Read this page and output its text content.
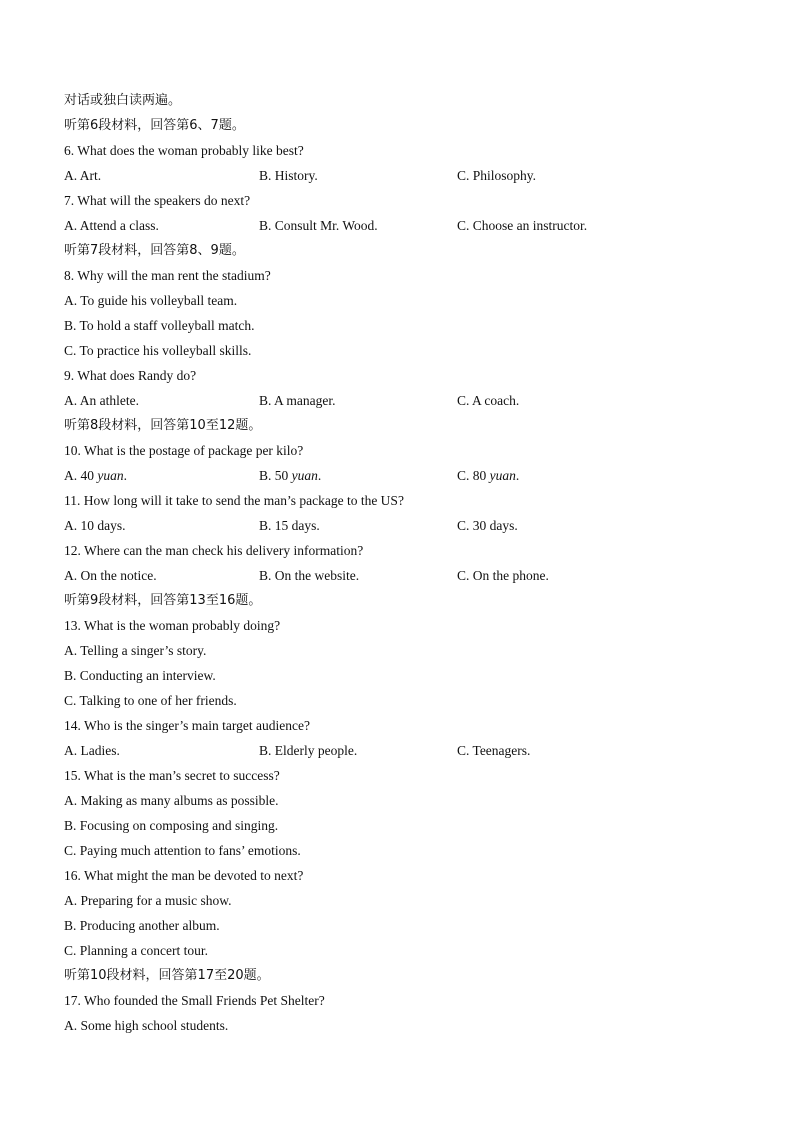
对话或独白读两遍。
听第6段材料，回答第6、7题。
6. What does the woman probably like best?
A. Art.	B. History.	C. Philosophy.
7. What will the speakers do next?
A. Attend a class.	B. Consult Mr. Wood.	C. Choose an instructor.
听第7段材料，回答第8、9题。
8. Why will the man rent the stadium?
A. To guide his volleyball team.
B. To hold a staff volleyball match.
C. To practice his volleyball skills.
9. What does Randy do?
A. An athlete.	B. A manager.	C. A coach.
听第8段材料，回答第10至12题。
10. What is the postage of package per kilo?
A. 40 yuan.	B. 50 yuan.	C. 80 yuan.
11. How long will it take to send the man’s package to the US?
A. 10 days.	B. 15 days.	C. 30 days.
12. Where can the man check his delivery information?
A. On the notice.	B. On the website.	C. On the phone.
听第9段材料，回答第13至16题。
13. What is the woman probably doing?
A. Telling a singer’s story.
B. Conducting an interview.
C. Talking to one of her friends.
14. Who is the singer’s main target audience?
A. Ladies.	B. Elderly people.	C. Teenagers.
15. What is the man’s secret to success?
A. Making as many albums as possible.
B. Focusing on composing and singing.
C. Paying much attention to fans’ emotions.
16. What might the man be devoted to next?
A. Preparing for a music show.
B. Producing another album.
C. Planning a concert tour.
听第10段材料，回答第17至20题。
17. Who founded the Small Friends Pet Shelter?
A. Some high school students.
